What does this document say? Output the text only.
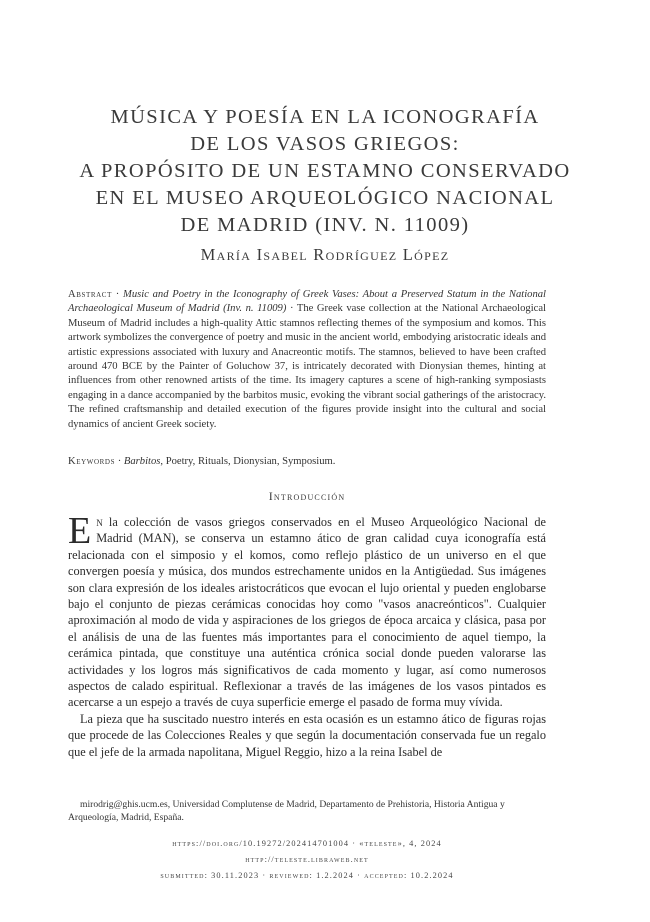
MÚSICA Y POESÍA EN LA ICONOGRAFÍA
DE LOS VASOS GRIEGOS:
A PROPÓSITO DE UN ESTAMNO CONSERVADO
EN EL MUSEO ARQUEOLÓGICO NACIONAL
DE MADRID (INV. N. 11009)
María Isabel Rodríguez López
Abstract · Music and Poetry in the Iconography of Greek Vases: About a Preserved Statum in the National Archaeological Museum of Madrid (Inv. n. 11009) · The Greek vase collection at the National Archaeological Museum of Madrid includes a high-quality Attic stamnos reflecting themes of the symposium and komos. This artwork symbolizes the convergence of poetry and music in the ancient world, embodying aristocratic ideals and artistic expressions associated with luxury and Anacreontic motifs. The stamnos, believed to have been crafted around 470 BCE by the Painter of Goluchow 37, is intricately decorated with Dionysian themes, hinting at influences from other renowned artists of the time. Its imagery captures a scene of high-ranking symposiasts engaging in a dance accompanied by the barbitos music, evoking the vibrant social gatherings of the aristocracy. The refined craftsmanship and detailed execution of the figures provide insight into the cultural and social dynamics of ancient Greek society.
Keywords · Barbitos, Poetry, Rituals, Dionysian, Symposium.
Introducción

En la colección de vasos griegos conservados en el Museo Arqueológico Nacional de Madrid (MAN), se conserva un estamno ático de gran calidad cuya iconografía está relacionada con el simposio y el komos, como reflejo plástico de un universo en el que convergen poesía y música, dos mundos estrechamente unidos en la Antigüedad. Sus imágenes son clara expresión de los ideales aristocráticos que evocan el lujo oriental y pueden englobarse bajo el conjunto de piezas cerámicas conocidas hoy como "vasos anacreónticos". Cualquier aproximación al modo de vida y aspiraciones de los griegos de época arcaica y clásica, pasa por el análisis de una de las fuentes más importantes para el conocimiento de aquel tiempo, la cerámica pintada, que constituye una auténtica crónica social donde pueden valorarse las actividades y los logros más significativos de cada momento y lugar, así como numerosos aspectos de calado espiritual. Reflexionar a través de las imágenes de los vasos pintados es acercarse a un espejo a través de cuya superficie emerge el pasado de forma muy vívida.

La pieza que ha suscitado nuestro interés en esta ocasión es un estamno ático de figuras rojas que procede de las Colecciones Reales y que según la documentación conservada fue un regalo que el jefe de la armada napolitana, Miguel Reggio, hizo a la reina Isabel de

mirodrig@ghis.ucm.es, Universidad Complutense de Madrid, Departamento de Prehistoria, Historia Antigua y Arqueología, Madrid, España.
https://doi.org/10.19272/202414701004 · «teleste», 4, 2024
http://teleste.libraweb.net
submitted: 30.11.2023 · reviewed: 1.2.2024 · accepted: 10.2.2024
